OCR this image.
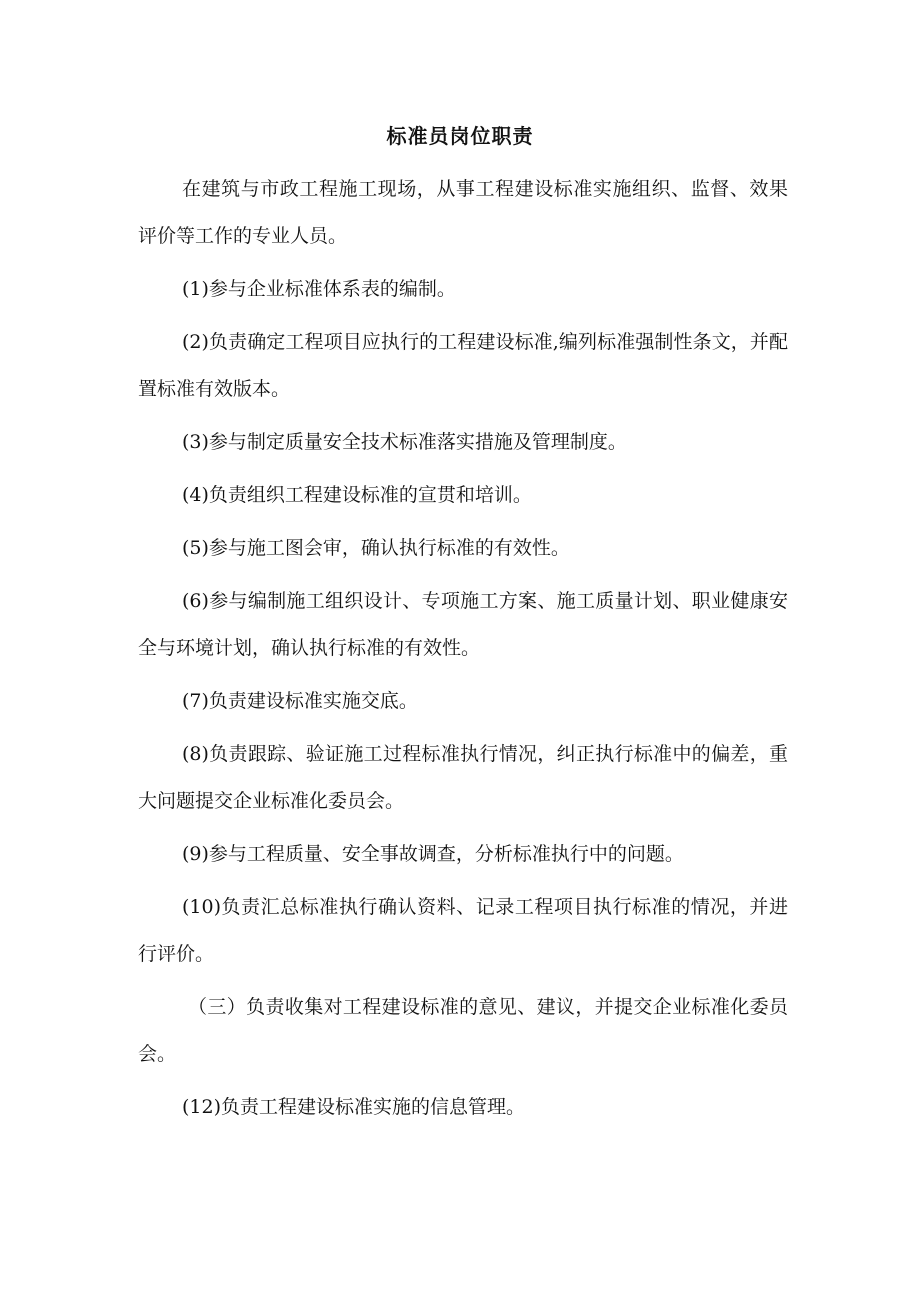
标准员岗位职责

在建筑与市政工程施工现场，从事工程建设标准实施组织、监督、效果评价等工作的专业人员。

(1)参与企业标准体系表的编制。

(2)负责确定工程项目应执行的工程建设标准,编列标准强制性条文，并配置标准有效版本。

(3)参与制定质量安全技术标准落实措施及管理制度。

(4)负责组织工程建设标准的宣贯和培训。

(5)参与施工图会审，确认执行标准的有效性。

(6)参与编制施工组织设计、专项施工方案、施工质量计划、职业健康安全与环境计划，确认执行标准的有效性。

(7)负责建设标准实施交底。

(8)负责跟踪、验证施工过程标准执行情况，纠正执行标准中的偏差，重大问题提交企业标准化委员会。

(9)参与工程质量、安全事故调查，分析标准执行中的问题。

(10)负责汇总标准执行确认资料、记录工程项目执行标准的情况，并进行评价。

（三）负责收集对工程建设标准的意见、建议，并提交企业标准化委员会。

(12)负责工程建设标准实施的信息管理。
